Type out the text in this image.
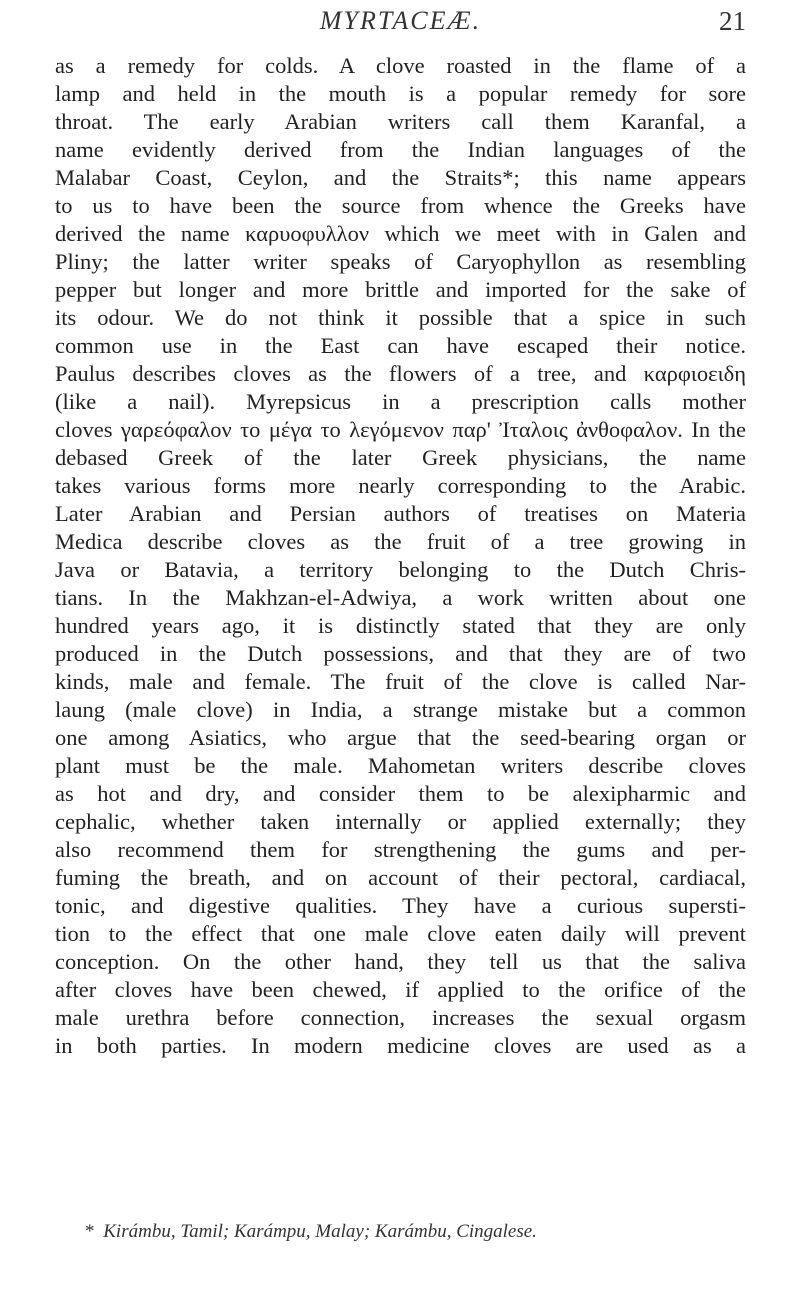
MYRTACEÆ.	21
as a remedy for colds. A clove roasted in the flame of a
lamp and held in the mouth is a popular remedy for sore
throat. The early Arabian writers call them Karanfal, a
name evidently derived from the Indian languages of the
Malabar Coast, Ceylon, and the Straits*; this name appears
to us to have been the source from whence the Greeks have
derived the name καρυοφυλλον which we meet with in Galen and
Pliny; the latter writer speaks of Caryophyllon as resembling
pepper but longer and more brittle and imported for the sake of
its odour. We do not think it possible that a spice in such
common use in the East can have escaped their notice.
Paulus describes cloves as the flowers of a tree, and καρφιοειδη
(like a nail). Myrepsicus in a prescription calls mother
cloves γαρεόφαλον το μέγα το λεγόμενον παρ' Ἰταλοις ἀνθοφαλον. In the
debased Greek of the later Greek physicians, the name
takes various forms more nearly corresponding to the Arabic.
Later Arabian and Persian authors of treatises on Materia
Medica describe cloves as the fruit of a tree growing in
Java or Batavia, a territory belonging to the Dutch Chris-
tians. In the Makhzan-el-Adwiya, a work written about one
hundred years ago, it is distinctly stated that they are only
produced in the Dutch possessions, and that they are of two
kinds, male and female. The fruit of the clove is called Nar-
laung (male clove) in India, a strange mistake but a common
one among Asiatics, who argue that the seed-bearing organ or
plant must be the male. Mahometan writers describe cloves
as hot and dry, and consider them to be alexipharmic and
cephalic, whether taken internally or applied externally; they
also recommend them for strengthening the gums and per-
fuming the breath, and on account of their pectoral, cardiacal,
tonic, and digestive qualities. They have a curious supersti-
tion to the effect that one male clove eaten daily will prevent
conception. On the other hand, they tell us that the saliva
after cloves have been chewed, if applied to the orifice of the
male urethra before connection, increases the sexual orgasm
in both parties. In modern medicine cloves are used as a
* Kirámbu, Tamil; Karámpu, Malay; Karámbu, Cingalese.
